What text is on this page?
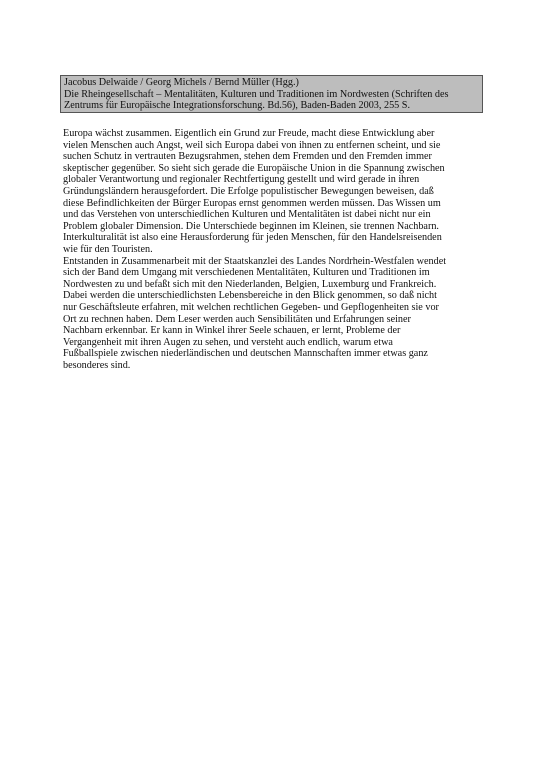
Jacobus Delwaide / Georg Michels / Bernd Müller (Hgg.)
Die Rheingesellschaft – Mentalitäten, Kulturen und Traditionen im Nordwesten (Schriften des
Zentrums für Europäische Integrationsforschung. Bd.56), Baden-Baden 2003, 255 S.
Europa wächst zusammen. Eigentlich ein Grund zur Freude, macht diese Entwicklung aber
vielen Menschen auch Angst, weil sich Europa dabei von ihnen zu entfernen scheint, und sie
suchen Schutz in vertrauten Bezugsrahmen, stehen dem Fremden und den Fremden immer
skeptischer gegenüber. So sieht sich gerade die Europäische Union in die Spannung zwischen
globaler Verantwortung und regionaler Rechtfertigung gestellt und wird gerade in ihren
Gründungsländern herausgefordert. Die Erfolge populistischer Bewegungen beweisen, daß
diese Befindlichkeiten der Bürger Europas ernst genommen werden müssen. Das Wissen um
und das Verstehen von unterschiedlichen Kulturen und Mentalitäten ist dabei nicht nur ein
Problem globaler Dimension. Die Unterschiede beginnen im Kleinen, sie trennen Nachbarn.
Interkulturalität ist also eine Herausforderung für jeden Menschen, für den Handelsreisenden
wie für den Touristen.
Entstanden in Zusammenarbeit mit der Staatskanzlei des Landes Nordrhein-Westfalen wendet
sich der Band dem Umgang mit verschiedenen Mentalitäten, Kulturen und Traditionen im
Nordwesten zu und befaßt sich mit den Niederlanden, Belgien, Luxemburg und Frankreich.
Dabei werden die unterschiedlichsten Lebensbereiche in den Blick genommen, so daß nicht
nur Geschäftsleute erfahren, mit welchen rechtlichen Gegeben- und Gepflogenheiten sie vor
Ort zu rechnen haben. Dem Leser werden auch Sensibilitäten und Erfahrungen seiner
Nachbarn erkennbar. Er kann in Winkel ihrer Seele schauen, er lernt, Probleme der
Vergangenheit mit ihren Augen zu sehen, und versteht auch endlich, warum etwa
Fußballspiele zwischen niederländischen und deutschen Mannschaften immer etwas ganz
besonderes sind.
